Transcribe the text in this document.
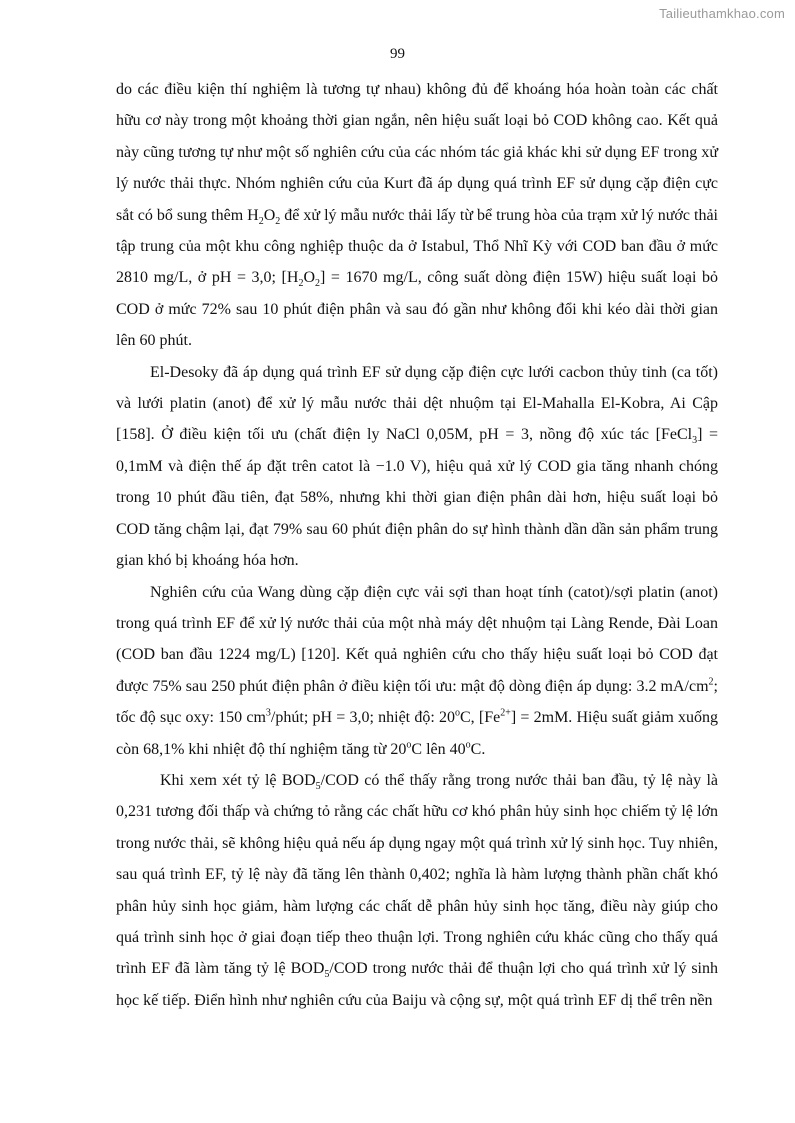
Tailieuthamkhao.com
99

do các điều kiện thí nghiệm là tương tự nhau) không đủ để khoáng hóa hoàn toàn các chất hữu cơ này trong một khoảng thời gian ngắn, nên hiệu suất loại bỏ COD không cao. Kết quả này cũng tương tự như một số nghiên cứu của các nhóm tác giả khác khi sử dụng EF trong xử lý nước thải thực. Nhóm nghiên cứu của Kurt đã áp dụng quá trình EF sử dụng cặp điện cực sắt có bổ sung thêm $H_2O_2$ để xử lý mẫu nước thải lấy từ bể trung hòa của trạm xử lý nước thải tập trung của một khu công nghiệp thuộc da ở Istabul, Thổ Nhĩ Kỳ với COD ban đầu ở mức 2810 mg/L, ở pH = 3,0; $[H_2O_2] = 1670$ mg/L, công suất dòng điện 15W) hiệu suất loại bỏ COD ở mức 72% sau 10 phút điện phân và sau đó gần như không đổi khi kéo dài thời gian lên 60 phút.

El-Desoky đã áp dụng quá trình EF sử dụng cặp điện cực lưới cacbon thủy tinh (ca tốt) và lưới platin (anot) để xử lý mẫu nước thải dệt nhuộm tại El-Mahalla El-Kobra, Ai Cập [158]. Ở điều kiện tối ưu (chất điện ly NaCl 0,05M, pH = 3, nồng độ xúc tác [FeCl$_3$] = 0,1mM và điện thế áp đặt trên catot là −1.0 V), hiệu quả xử lý COD gia tăng nhanh chóng trong 10 phút đầu tiên, đạt 58%, nhưng khi thời gian điện phân dài hơn, hiệu suất loại bỏ COD tăng chậm lại, đạt 79% sau 60 phút điện phân do sự hình thành dần dần sản phẩm trung gian khó bị khoáng hóa hơn.

Nghiên cứu của Wang dùng cặp điện cực vải sợi than hoạt tính (catot)/sợi platin (anot) trong quá trình EF để xử lý nước thải của một nhà máy dệt nhuộm tại Làng Rende, Đài Loan (COD ban đầu 1224 mg/L) [120]. Kết quả nghiên cứu cho thấy hiệu suất loại bỏ COD đạt được 75% sau 250 phút điện phân ở điều kiện tối ưu: mật độ dòng điện áp dụng: 3.2 $mA/cm^2$; tốc độ sục oxy: 150 $cm^3$/phút; pH = 3,0; nhiệt độ: 20$^o$C, $[Fe^{2+}] = 2mM$. Hiệu suất giảm xuống còn 68,1% khi nhiệt độ thí nghiệm tăng từ 20$^o$C lên 40$^o$C.

Khi xem xét tỷ lệ $BOD_5$/COD có thể thấy rằng trong nước thải ban đầu, tỷ lệ này là 0,231 tương đối thấp và chứng tỏ rằng các chất hữu cơ khó phân hủy sinh học chiếm tỷ lệ lớn trong nước thải, sẽ không hiệu quả nếu áp dụng ngay một quá trình xử lý sinh học. Tuy nhiên, sau quá trình EF, tỷ lệ này đã tăng lên thành 0,402; nghĩa là hàm lượng thành phần chất khó phân hủy sinh học giảm, hàm lượng các chất dễ phân hủy sinh học tăng, điều này giúp cho quá trình sinh học ở giai đoạn tiếp theo thuận lợi. Trong nghiên cứu khác cũng cho thấy quá trình EF đã làm tăng tỷ lệ $BOD_5$/COD trong nước thải để thuận lợi cho quá trình xử lý sinh học kế tiếp. Điển hình như nghiên cứu của Baiju và cộng sự, một quá trình EF dị thể trên nền
